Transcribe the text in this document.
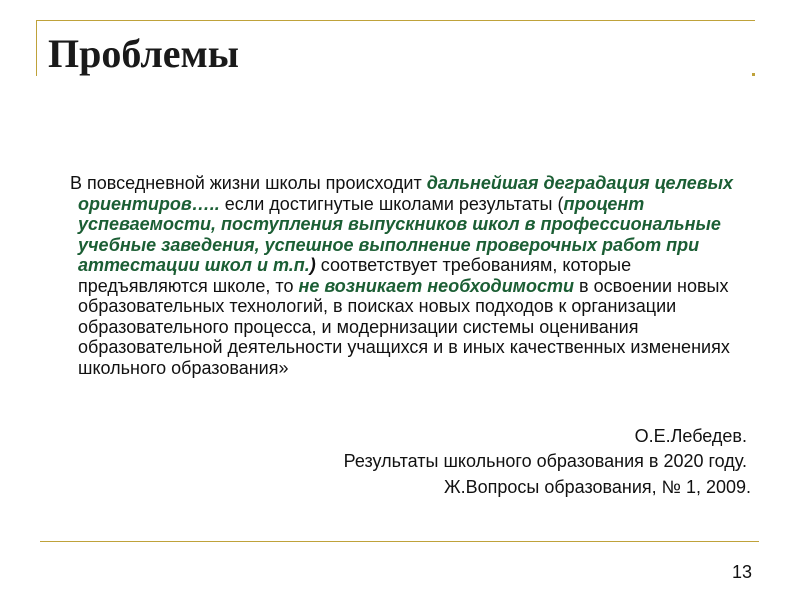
Проблемы

В повседневной жизни школы происходит дальнейшая деградация целевых ориентиров….. если достигнутые школами результаты (процент успеваемости, поступления выпускников школ в профессиональные учебные заведения, успешное выполнение проверочных работ при аттестации школ и т.п.) соответствует требованиям, которые предъявляются школе, то не возникает необходимости в освоении новых образовательных технологий, в поисках новых подходов к организации образовательного процесса, и модернизации системы оценивания образовательной деятельности учащихся и в иных качественных изменениях школьного образования»

О.Е.Лебедев.

Результаты школьного образования в 2020 году.

Ж.Вопросы образования, № 1, 2009.

13
